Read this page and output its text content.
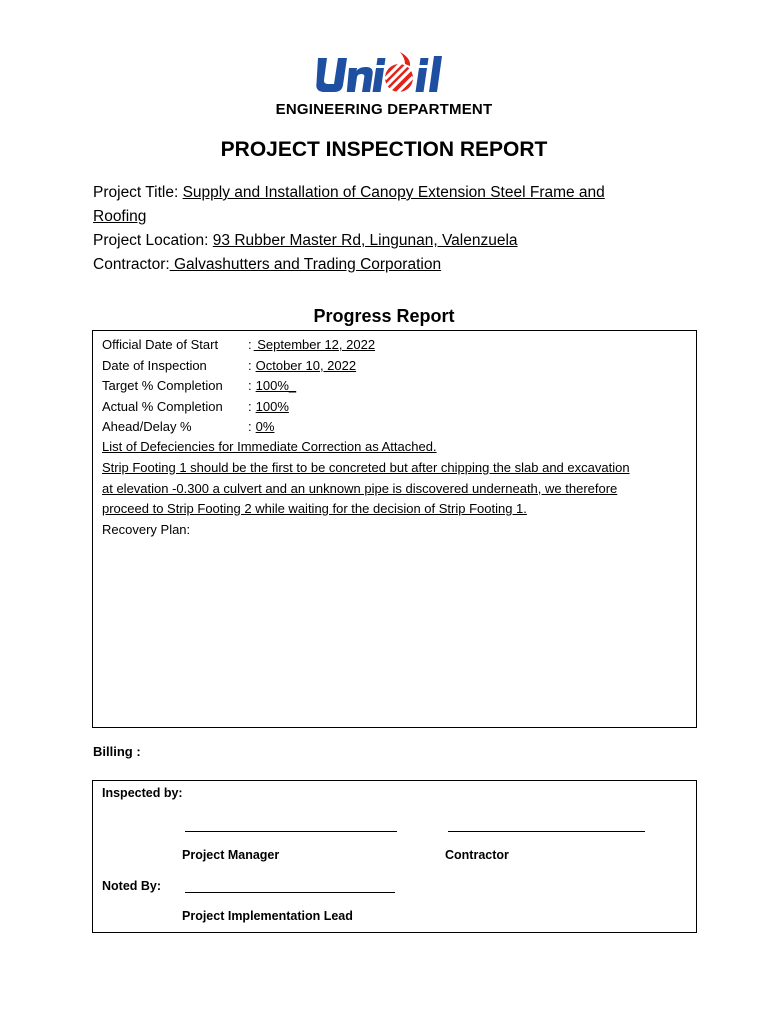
ENGINEERING DEPARTMENT
PROJECT INSPECTION REPORT
Project Title: Supply and Installation of Canopy Extension Steel Frame and
Roofing
Project Location: 93 Rubber Master Rd, Lingunan, Valenzuela
Contractor: Galvashutters and Trading Corporation
Progress Report
Official Date of Start : September 12, 2022
Date of Inspection	: October 10, 2022
Target % Completion : 100%_
Actual % Completion : 100%
Ahead/Delay %	: 0%
List of Defeciencies for Immediate Correction as Attached.
Strip Footing 1 should be the first to be concreted but after chipping the slab and excavation
at elevation -0.300 a culvert and an unknown pipe is discovered underneath, we therefore
proceed to Strip Footing 2 while waiting for the decision of Strip Footing 1.
Recovery Plan:
Billing :
Inspected by:
Project Manager	Contractor
Noted By:
Project Implementation Lead
